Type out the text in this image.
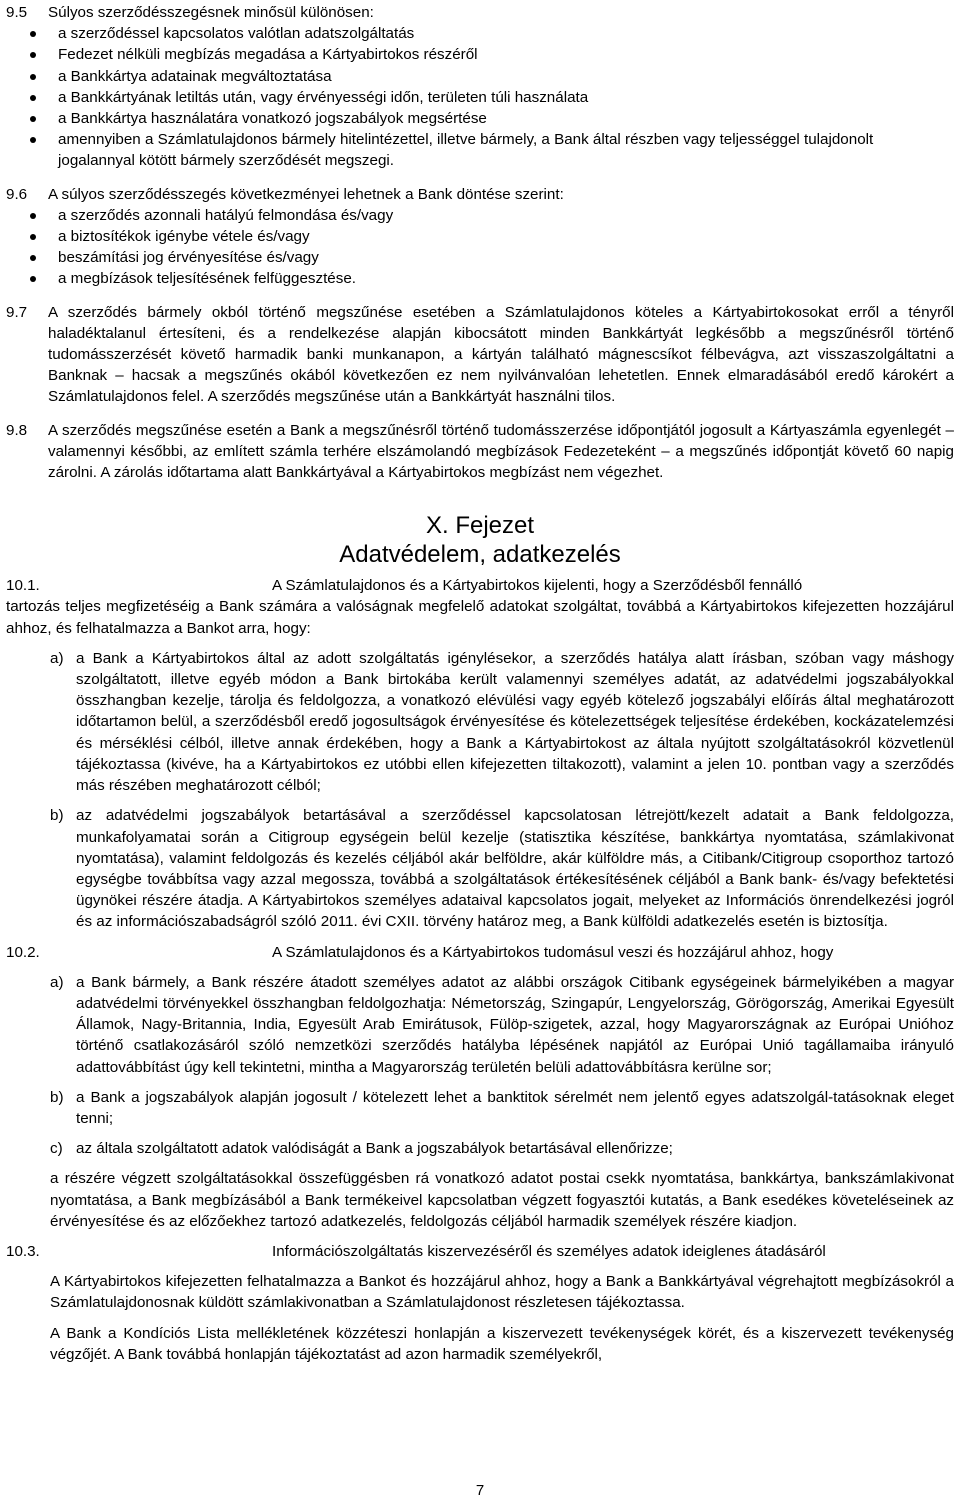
9.5	Súlyos szerződésszegésnek minősül különösen:
a szerződéssel kapcsolatos valótlan adatszolgáltatás
Fedezet nélküli megbízás megadása a Kártyabirtokos részéről
a Bankkártya adatainak megváltoztatása
a Bankkártyának letiltás után, vagy érvényességi időn, területen túli használata
a Bankkártya használatára vonatkozó jogszabályok megsértése
amennyiben a Számlatulajdonos bármely hitelintézettel, illetve bármely, a Bank által részben vagy teljességgel tulajdonolt jogalannyal kötött bármely szerződését megszegi.
9.6	A súlyos szerződésszegés következményei lehetnek a Bank döntése szerint:
a szerződés azonnali hatályú felmondása és/vagy
a biztosítékok igénybe vétele és/vagy
beszámítási jog érvényesítése és/vagy
a megbízások teljesítésének felfüggesztése.
9.7	A szerződés bármely okból történő megszűnése esetében a Számlatulajdonos köteles a Kártyabirtokosokat erről a tényről haladéktalanul értesíteni, és a rendelkezése alapján kibocsátott minden Bankkártyát legkésőbb a megszűnésről történő tudomásszerzését követő harmadik banki munkanapon, a kártyán található mágnescsíkot félbevágva, azt visszaszolgáltatni a Banknak – hacsak a megszűnés okából következően ez nem nyilvánvalóan lehetetlen. Ennek elmaradásából eredő károkért a Számlatulajdonos felel. A szerződés megszűnése után a Bankkártyát használni tilos.
9.8	A szerződés megszűnése esetén a Bank a megszűnésről történő tudomásszerzése időpontjától jogosult a Kártyaszámla egyenlegét – valamennyi későbbi, az említett számla terhére elszámolandó megbízások Fedezeteként – a megszűnés időpontját követő 60 napig zárolni. A zárolás időtartama alatt Bankkártyával a Kártyabirtokos megbízást nem végezhet.
X. Fejezet
Adatvédelem, adatkezelés
10.1.	A Számlatulajdonos és a Kártyabirtokos kijelenti, hogy a Szerződésből fennálló
tartozás teljes megfizetéséig a Bank számára a valóságnak megfelelő adatokat szolgáltat, továbbá a Kártyabirtokos kifejezetten hozzájárul ahhoz, és felhatalmazza a Bankot arra, hogy:
a) a Bank a Kártyabirtokos által az adott szolgáltatás igénylésekor, a szerződés hatálya alatt írásban, szóban vagy máshogy szolgáltatott, illetve egyéb módon a Bank birtokába került valamennyi személyes adatát, az adatvédelmi jogszabályokkal összhangban kezelje, tárolja és feldolgozza, a vonatkozó elévülési vagy egyéb kötelező jogszabályi előírás által meghatározott időtartamon belül, a szerződésből eredő jogosultságok érvényesítése és kötelezettségek teljesítése érdekében, kockázatelemzési és mérséklési célból, illetve annak érdekében, hogy a Bank a Kártyabirtokost az általa nyújtott szolgáltatásokról közvetlenül tájékoztassa (kivéve, ha a Kártyabirtokos ez utóbbi ellen kifejezetten tiltakozott), valamint a jelen 10. pontban vagy a szerződés más részében meghatározott célból;
b) az adatvédelmi jogszabályok betartásával a szerződéssel kapcsolatosan létrejött/kezelt adatait a Bank feldolgozza, munkafolyamatai során a Citigroup egységein belül kezelje (statisztika készítése, bankkártya nyomtatása, számlakivonat nyomtatása), valamint feldolgozás és kezelés céljából akár belföldre, akár külföldre más, a Citibank/Citigroup csoporthoz tartozó egységbe továbbítsa vagy azzal megossza, továbbá a szolgáltatások értékesítésének céljából a Bank bank- és/vagy befektetési ügynökei részére átadja. A Kártyabirtokos személyes adataival kapcsolatos jogait, melyeket az Információs önrendelkezési jogról és az információszabadságról szóló 2011. évi CXII. törvény határoz meg, a Bank külföldi adatkezelés esetén is biztosítja.
10.2.	A Számlatulajdonos és a Kártyabirtokos tudomásul veszi és hozzájárul ahhoz, hogy
a) a Bank bármely, a Bank részére átadott személyes adatot az alábbi országok Citibank egységeinek bármelyikében a magyar adatvédelmi törvényekkel összhangban feldolgozhatja: Németország, Szingapúr, Lengyelország, Görögország, Amerikai Egyesült Államok, Nagy-Britannia, India, Egyesült Arab Emirátusok, Fülöp-szigetek, azzal, hogy Magyarországnak az Európai Unióhoz történő csatlakozásáról szóló nemzetközi szerződés hatályba lépésének napjától az Európai Unió tagállamaiba irányuló adattovábbítást úgy kell tekintetni, mintha a Magyarország területén belüli adattovábbításra kerülne sor;
b) a Bank a jogszabályok alapján jogosult / kötelezett lehet a banktitok sérelmét nem jelentő egyes adatszolgál-tatásoknak eleget tenni;
c) az általa szolgáltatott adatok valódiságát a Bank a jogszabályok betartásával ellenőrizze;
a részére végzett szolgáltatásokkal összefüggésben rá vonatkozó adatot postai csekk nyomtatása, bankkártya, bankszámlakivonat nyomtatása, a Bank megbízásából a Bank termékeivel kapcsolatban végzett fogyasztói kutatás, a Bank esedékes követeléseinek az érvényesítése és az előzőekhez tartozó adatkezelés, feldolgozás céljából harmadik személyek részére kiadjon.
10.3.	Információszolgáltatás kiszervezéséről és személyes adatok ideiglenes átadásáról
A Kártyabirtokos kifejezetten felhatalmazza a Bankot és hozzájárul ahhoz, hogy a Bank a Bankkártyával végrehajtott megbízásokról a Számlatulajdonosnak küldött számlakivonatban a Számlatulajdonost részletesen tájékoztassa.
A Bank a Kondíciós Lista mellékletének közzéteszi honlapján a kiszervezett tevékenységek körét, és a kiszervezett tevékenység végzőjét. A Bank továbbá honlapján tájékoztatást ad azon harmadik személyekről,
7
